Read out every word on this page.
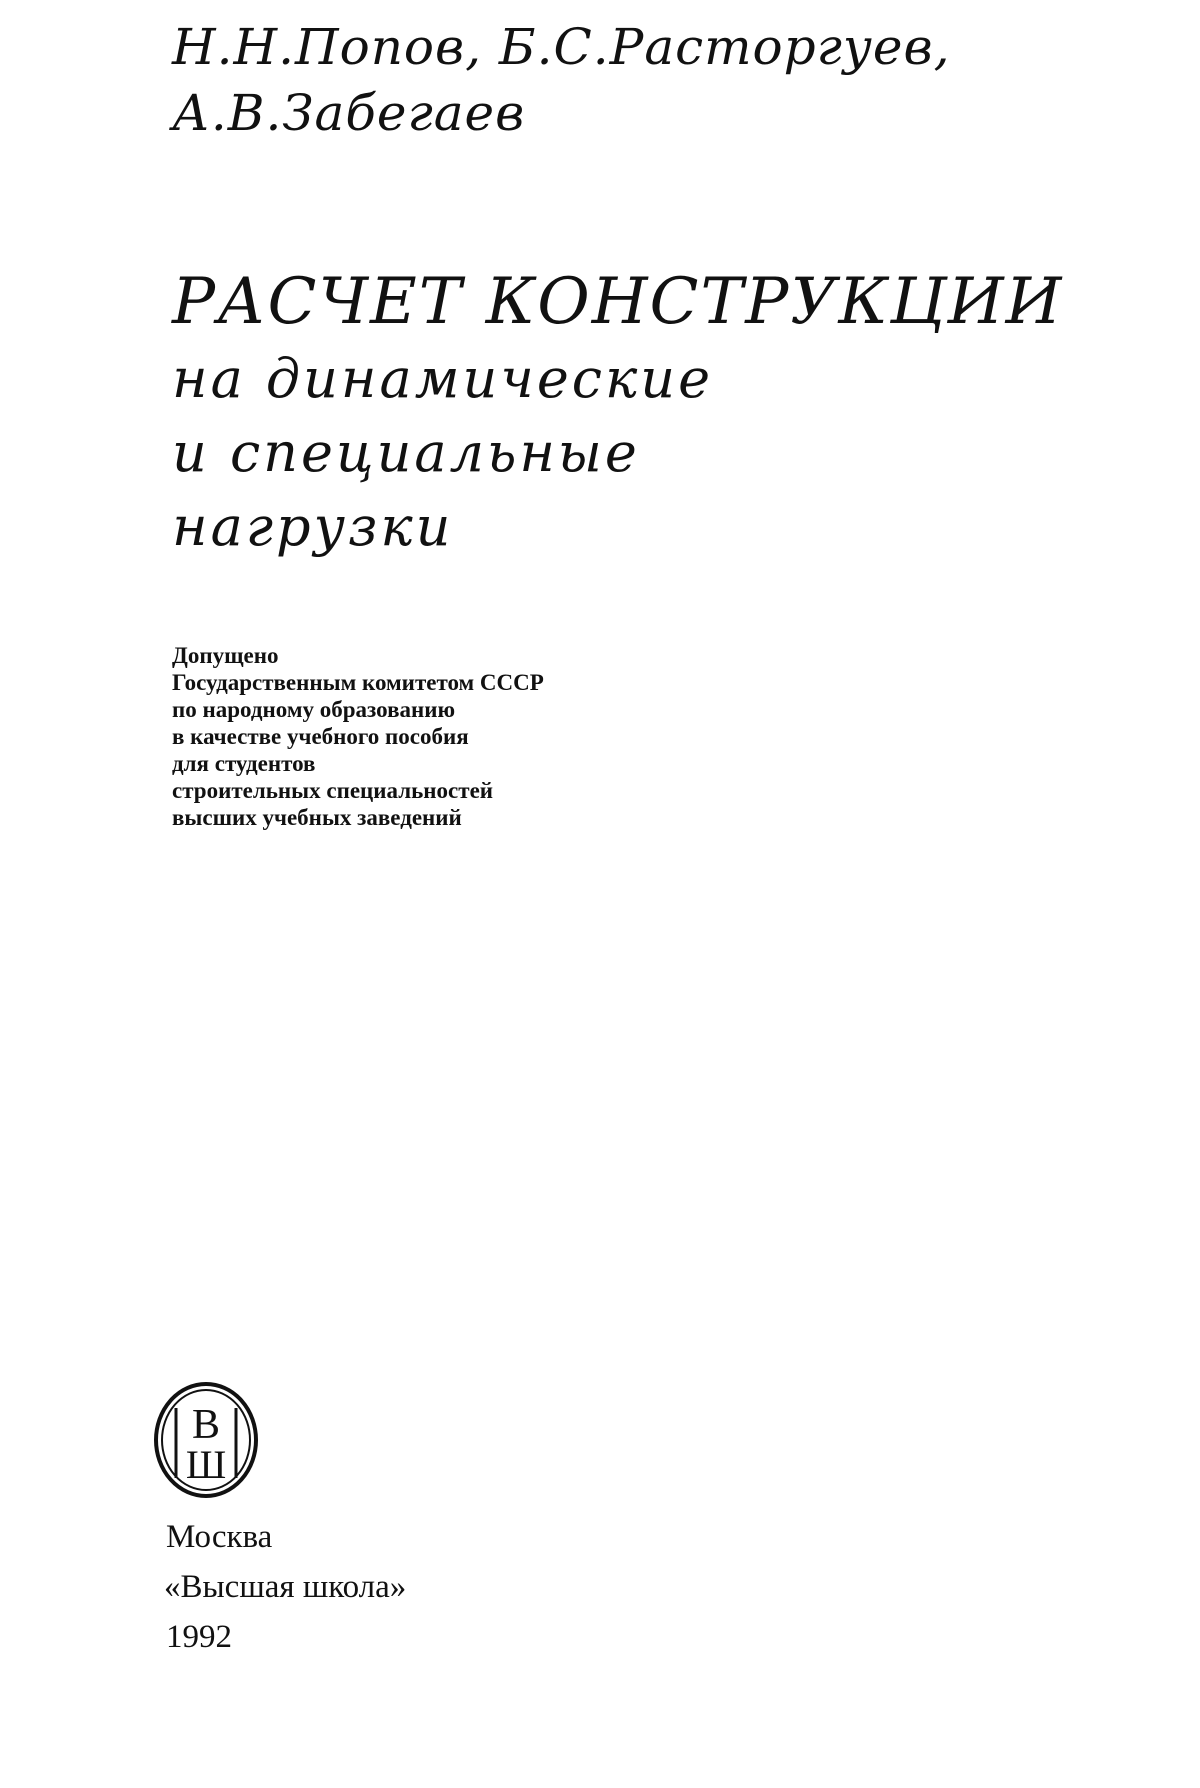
Н.Н.Попов, Б.С.Расторгуев,
А.В.Забегаев
РАСЧЕТ КОНСТРУКЦИИ
на динамические
и специальные
нагрузки
Допущено
Государственным комитетом СССР
по народному образованию
в качестве учебного пособия
для студентов
строительных специальностей
высших учебных заведений
В
Ш
Москва
«Высшая школа»
1992
